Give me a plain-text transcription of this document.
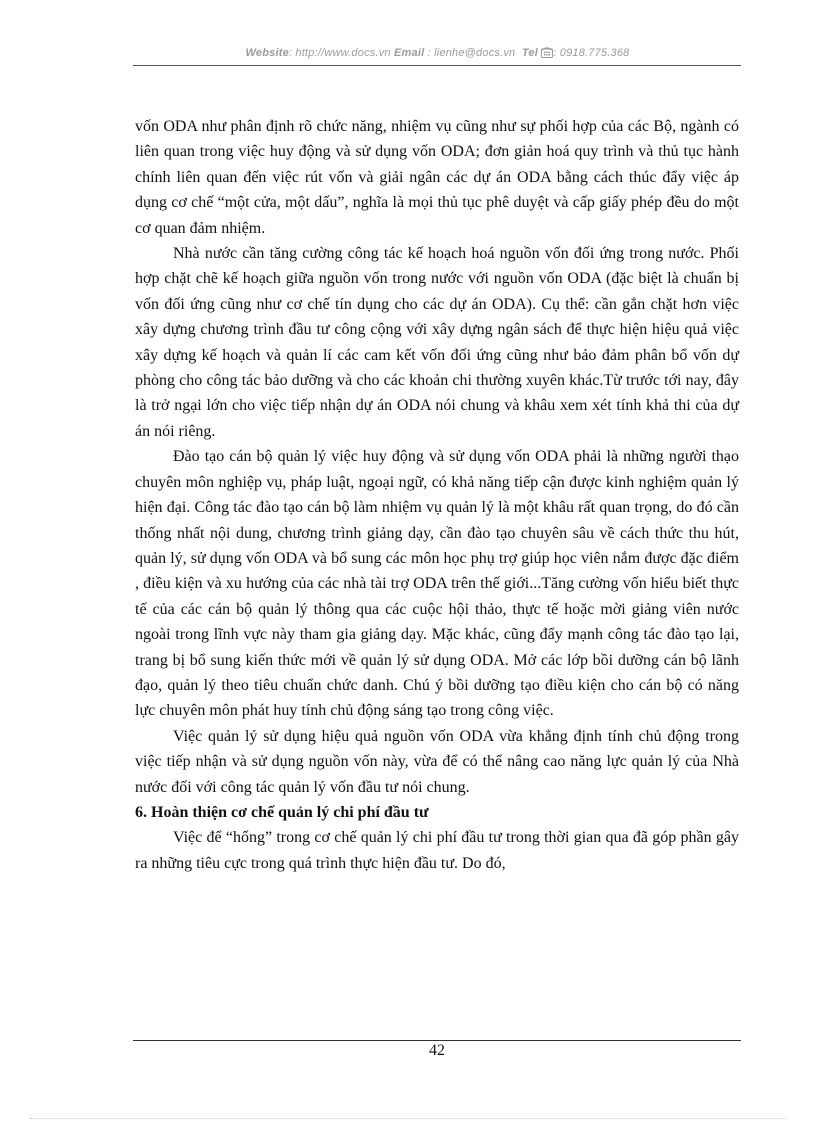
Website: http://www.docs.vn Email : lienhe@docs.vn  Tel : 0918.775.368

vốn ODA như phân định rõ chức năng, nhiệm vụ cũng như sự phối hợp của các Bộ, ngành có liên quan trong việc huy động và sử dụng vốn ODA; đơn giản hoá quy trình và thủ tục hành chính liên quan đến việc rút vốn và giải ngân các dự án ODA bằng cách thúc đẩy việc áp dụng cơ chế “một cửa, một dấu”, nghĩa là mọi thủ tục phê duyệt và cấp giấy phép đều do một cơ quan đảm nhiệm.

Nhà nước cần tăng cường công tác kế hoạch hoá nguồn vốn đối ứng trong nước. Phối hợp chặt chẽ kế hoạch giữa nguồn vốn trong nước với nguồn vốn ODA (đặc biệt là chuẩn bị vốn đối ứng cũng như cơ chế tín dụng cho các dự án ODA). Cụ thể: cần gắn chặt hơn việc xây dựng chương trình đầu tư công cộng với xây dựng ngân sách để thực hiện hiệu quả việc xây dựng kế hoạch và quản lí các cam kết vốn đối ứng cũng như bảo đảm phân bổ vốn dự phòng cho công tác bảo dưỡng và cho các khoản chi thường xuyên khác.Từ trước tới nay, đây là trở ngại lớn cho việc tiếp nhận dự án ODA nói chung và khâu xem xét tính khả thi của dự án nói riêng.

Đào tạo cán bộ quản lý việc huy động và sử dụng vốn ODA phải là những người thạo chuyên môn nghiệp vụ, pháp luật, ngoại ngữ, có khả năng tiếp cận được kinh nghiệm quản lý hiện đại. Công tác đào tạo cán bộ làm nhiệm vụ quản lý là một khâu rất quan trọng, do đó cần thống nhất nội dung, chương trình giảng dạy, cần đào tạo chuyên sâu về cách thức thu hút, quản lý, sử dụng vốn ODA và bổ sung các môn học phụ trợ giúp học viên nắm được đặc điểm , điều kiện và xu hướng của các nhà tài trợ ODA trên thế giới...Tăng cường vốn hiểu biết thực tế của các cán bộ quản lý thông qua các cuộc hội thảo, thực tế hoặc mời giảng viên nước ngoài trong lĩnh vực này tham gia giảng dạy. Mặc khác, cũng đẩy mạnh công tác đào tạo lại, trang bị bổ sung kiến thức mới về quản lý sử dụng ODA. Mở các lớp bồi dưỡng cán bộ lãnh đạo, quản lý theo tiêu chuẩn chức danh. Chú ý bồi dưỡng tạo điều kiện cho cán bộ có năng lực chuyên môn phát huy tính chủ động sáng tạo trong công việc.

Việc quản lý sử dụng hiệu quả nguồn vốn ODA vừa khẳng định tính chủ động trong việc tiếp nhận và sử dụng nguồn vốn này, vừa để có thể nâng cao năng lực quản lý của Nhà nước đối với công tác quản lý vốn đầu tư nói chung.

6. Hoàn thiện cơ chế quản lý chi phí đầu tư

Việc để “hổng” trong cơ chế quản lý chi phí đầu tư trong thời gian qua đã góp phần gây ra những tiêu cực trong quá trình thực hiện đầu tư. Do đó,

42
